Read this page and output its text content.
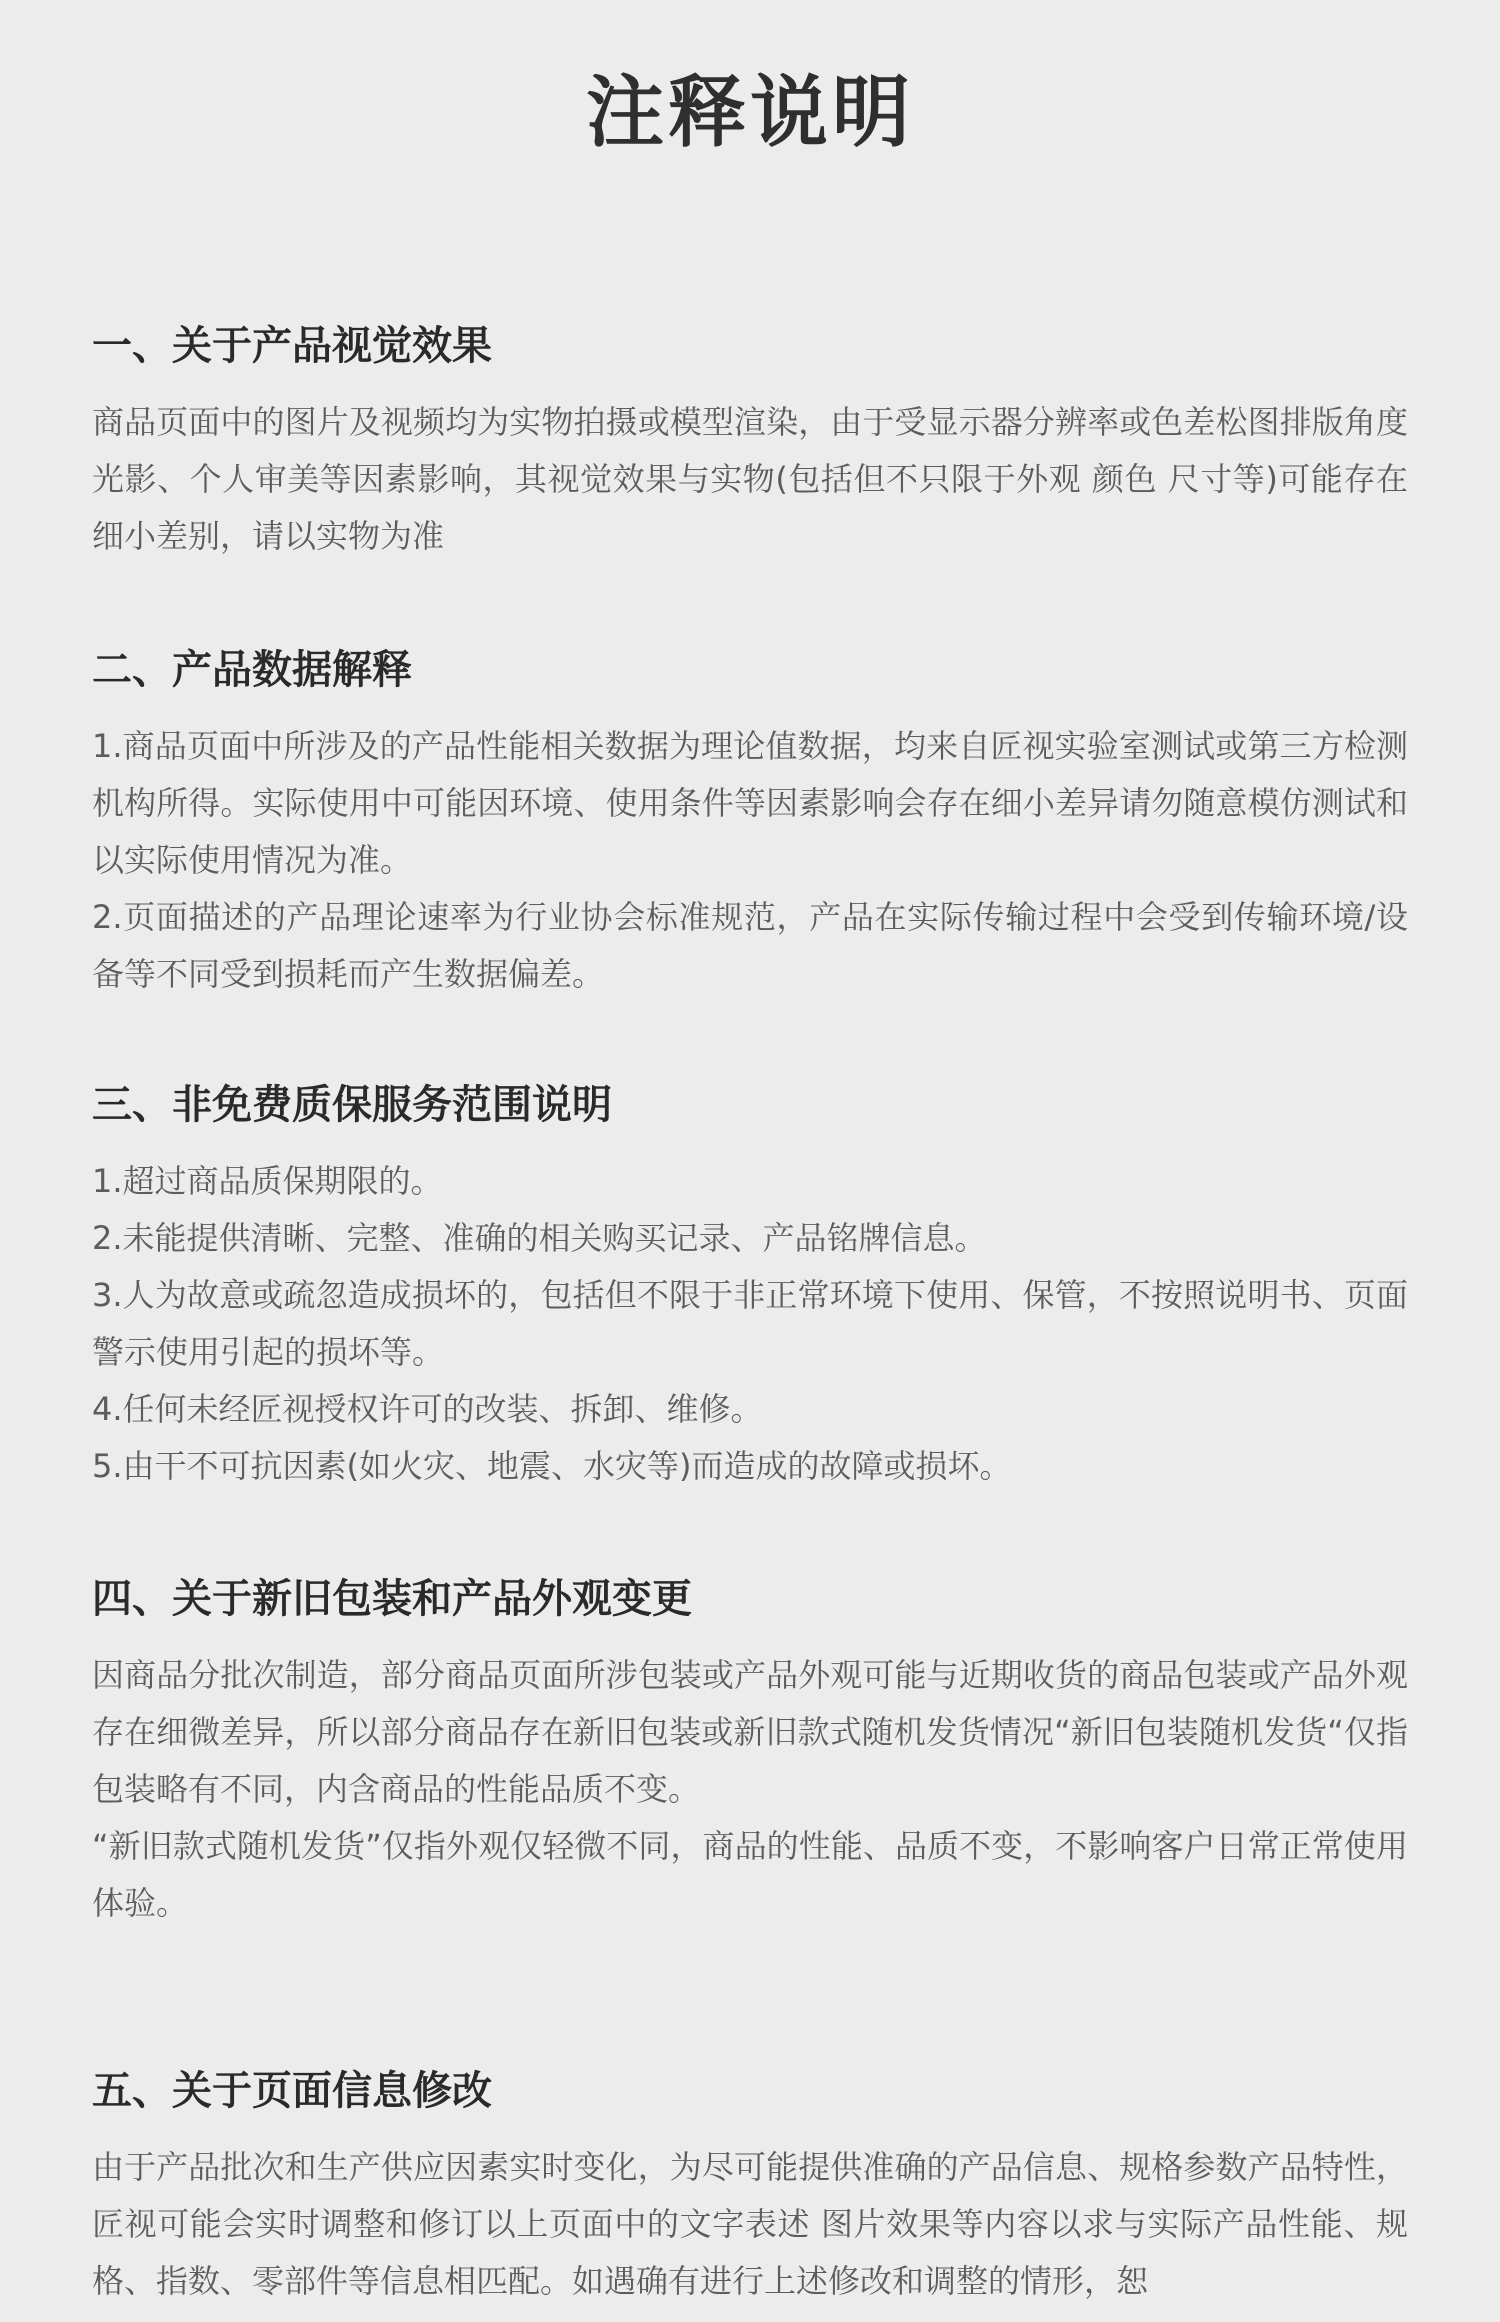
注释说明
一、关于产品视觉效果

商品页面中的图片及视频均为实物拍摄或模型渲染，由于受显示器分辨率或色差松图排版角度光影、个人审美等因素影响，其视觉效果与实物(包括但不只限于外观 颜色 尺寸等)可能存在细小差别，请以实物为准

二、产品数据解释

1.商品页面中所涉及的产品性能相关数据为理论值数据，均来自匠视实验室测试或第三方检测机构所得。实际使用中可能因环境、使用条件等因素影响会存在细小差异请勿随意模仿测试和以实际使用情况为准。

2.页面描述的产品理论速率为行业协会标准规范，产品在实际传输过程中会受到传输环境/设备等不同受到损耗而产生数据偏差。

三、非免费质保服务范围说明

1.超过商品质保期限的。

2.未能提供清晰、完整、准确的相关购买记录、产品铭牌信息。

3.人为故意或疏忽造成损坏的，包括但不限于非正常环境下使用、保管，不按照说明书、页面警示使用引起的损坏等。

4.任何未经匠视授权许可的改装、拆卸、维修。

5.由干不可抗因素(如火灾、地震、水灾等)而造成的故障或损坏。

四、关于新旧包装和产品外观变更

因商品分批次制造，部分商品页面所涉包装或产品外观可能与近期收货的商品包装或产品外观存在细微差异，所以部分商品存在新旧包装或新旧款式随机发货情况“新旧包装随机发货“仅指包装略有不同，内含商品的性能品质不变。

“新旧款式随机发货”仅指外观仅轻微不同，商品的性能、品质不变，不影响客户日常正常使用体验。

五、关于页面信息修改

由于产品批次和生产供应因素实时变化，为尽可能提供准确的产品信息、规格参数产品特性，匠视可能会实时调整和修订以上页面中的文字表述 图片效果等内容以求与实际产品性能、规格、指数、零部件等信息相匹配。如遇确有进行上述修改和调整的情形，恕
